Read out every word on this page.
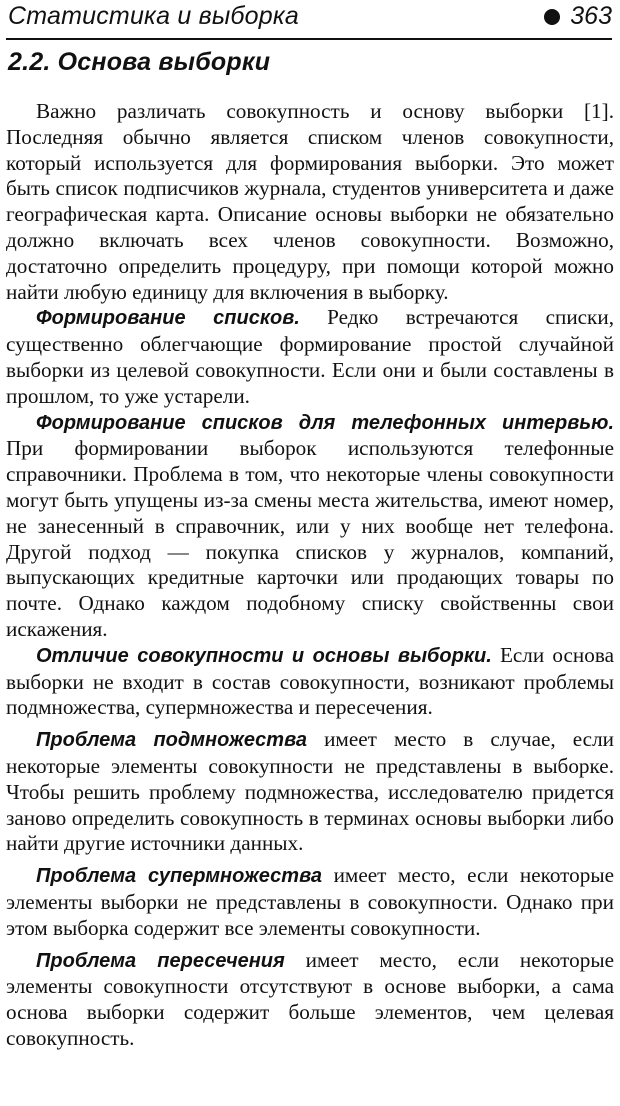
Статистика и выборка	363
2.2. Основа выборки

Важно различать совокупность и основу выборки [1]. Последняя обычно является списком членов совокупности, который используется для формирования выборки. Это может быть список подписчиков журнала, студентов университета и даже географическая карта. Описание основы выборки не обязательно должно включать всех членов совокупности. Возможно, достаточно определить процедуру, при помощи которой можно найти любую единицу для включения в выборку.

Формирование списков. Редко встречаются списки, существенно облегчающие формирование простой случайной выборки из целевой совокупности. Если они и были составлены в прошлом, то уже устарели.

Формирование списков для телефонных интервью. При формировании выборок используются телефонные справочники. Проблема в том, что некоторые члены совокупности могут быть упущены из-за смены места жительства, имеют номер, не занесенный в справочник, или у них вообще нет телефона. Другой подход — покупка списков у журналов, компаний, выпускающих кредитные карточки или продающих товары по почте. Однако каждом подобному списку свойственны свои искажения.

Отличие совокупности и основы выборки. Если основа выборки не входит в состав совокупности, возникают проблемы подмножества, супермножества и пересечения.

Проблема подмножества имеет место в случае, если некоторые элементы совокупности не представлены в выборке. Чтобы решить проблему подмножества, исследователю придется заново определить совокупность в терминах основы выборки либо найти другие источники данных.

Проблема супермножества имеет место, если некоторые элементы выборки не представлены в совокупности. Однако при этом выборка содержит все элементы совокупности.

Проблема пересечения имеет место, если некоторые элементы совокупности отсутствуют в основе выборки, а сама основа выборки содержит больше элементов, чем целевая совокупность.
